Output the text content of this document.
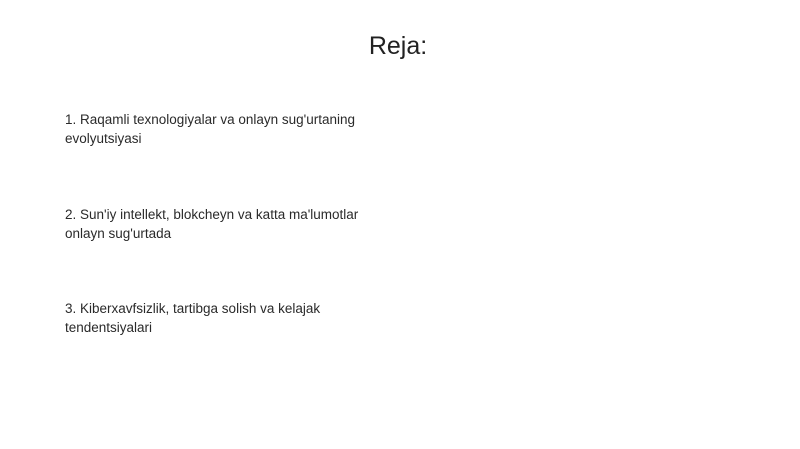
Reja:
1. Raqamli texnologiyalar va onlayn sug'urtaning evolyutsiyasi
2. Sun'iy intellekt, blokcheyn va katta ma'lumotlar onlayn sug'urtada
3. Kiberxavfsizlik, tartibga solish va kelajak tendentsiyalari
